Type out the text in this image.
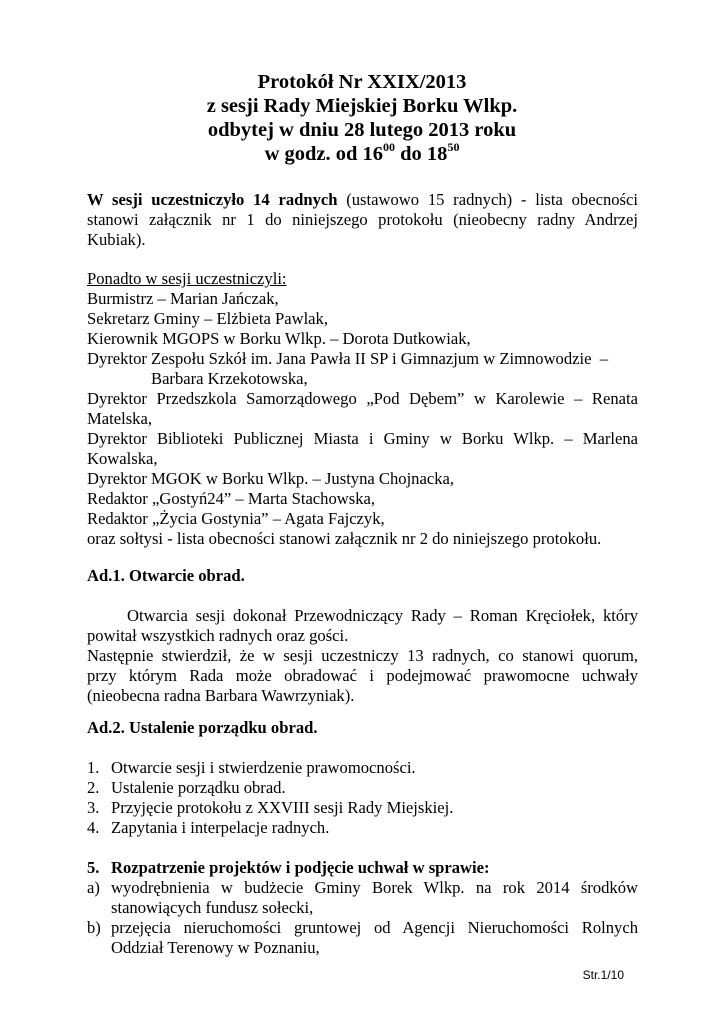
Protokół Nr XXIX/2013
z sesji Rady Miejskiej Borku Wlkp.
odbytej w dniu 28 lutego 2013 roku
w godz. od $16^{00}$ do $18^{50}$
W sesji uczestniczyło 14 radnych (ustawowo 15 radnych) - lista obecności
stanowi załącznik nr 1 do niniejszego protokołu (nieobecny radny Andrzej
Kubiak).
Ponadto w sesji uczestniczyli:
Burmistrz – Marian Jańczak,
Sekretarz Gminy – Elżbieta Pawlak,
Kierownik MGOPS w Borku Wlkp. – Dorota Dutkowiak,
Dyrektor Zespołu Szkół im. Jana Pawła II SP i Gimnazjum w Zimnowodzie  –
Barbara Krzekotowska,
Dyrektor Przedszkola Samorządowego „Pod Dębem” w Karolewie – Renata
Matelska,
Dyrektor Biblioteki Publicznej Miasta i Gminy w Borku Wlkp. – Marlena
Kowalska,
Dyrektor MGOK w Borku Wlkp. – Justyna Chojnacka,
Redaktor „Gostyń24” – Marta Stachowska,
Redaktor „Życia Gostynia” – Agata Fajczyk,
oraz sołtysi - lista obecności stanowi załącznik nr 2 do niniejszego protokołu.
Ad.1. Otwarcie obrad.
Otwarcia sesji dokonał Przewodniczący Rady – Roman Kręciołek, który
powitał wszystkich radnych oraz gości.
Następnie stwierdził, że w sesji uczestniczy 13 radnych, co stanowi quorum,
przy którym Rada może obradować i podejmować prawomocne uchwały
(nieobecna radna Barbara Wawrzyniak).
Ad.2. Ustalenie porządku obrad.
1. Otwarcie sesji i stwierdzenie prawomocności.
2. Ustalenie porządku obrad.
3. Przyjęcie protokołu z XXVIII sesji Rady Miejskiej.
4. Zapytania i interpelacje radnych.
5. Rozpatrzenie projektów i podjęcie uchwał w sprawie:
a) wyodrębnienia w budżecie Gminy Borek Wlkp. na rok 2014 środków
stanowiących fundusz sołecki,
b) przejęcia nieruchomości gruntowej od Agencji Nieruchomości Rolnych
Oddział Terenowy w Poznaniu,
Str.1/10
